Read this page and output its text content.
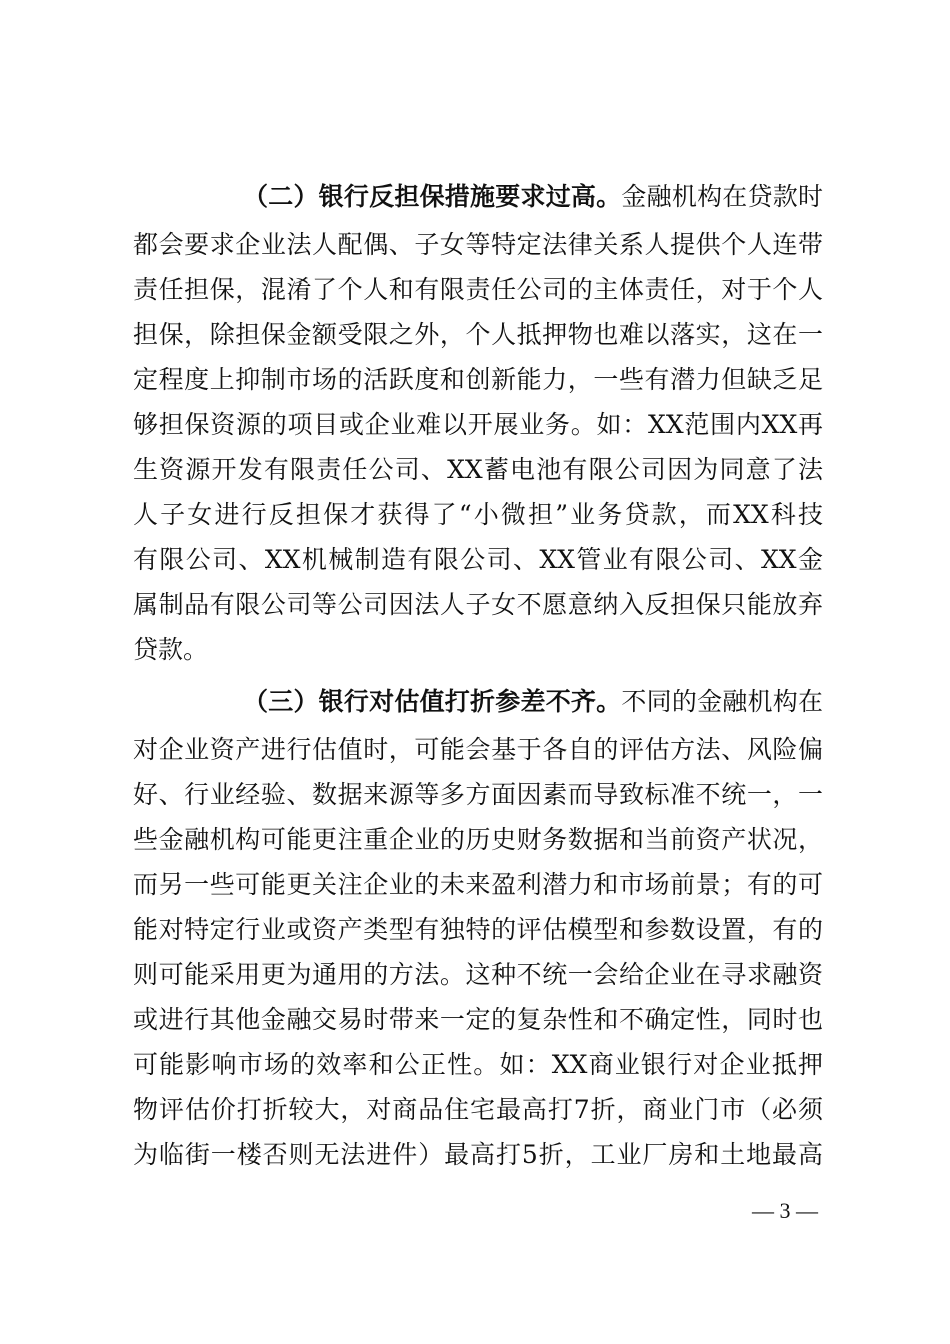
（二）银行反担保措施要求过高。金融机构在贷款时
都会要求企业法人配偶、子女等特定法律关系人提供个人连带
责任担保，混淆了个人和有限责任公司的主体责任，对于个人
担保，除担保金额受限之外，个人抵押物也难以落实，这在一
定程度上抑制市场的活跃度和创新能力，一些有潜力但缺乏足
够担保资源的项目或企业难以开展业务。如：XX范围内XX再
生资源开发有限责任公司、XX蓄电池有限公司因为同意了法
人子女进行反担保才获得了“小微担”业务贷款，而XX科技
有限公司、XX机械制造有限公司、XX管业有限公司、XX金
属制品有限公司等公司因法人子女不愿意纳入反担保只能放弃
贷款。
（三）银行对估值打折参差不齐。不同的金融机构在
对企业资产进行估值时，可能会基于各自的评估方法、风险偏
好、行业经验、数据来源等多方面因素而导致标准不统一，一
些金融机构可能更注重企业的历史财务数据和当前资产状况，
而另一些可能更关注企业的未来盈利潜力和市场前景；有的可
能对特定行业或资产类型有独特的评估模型和参数设置，有的
则可能采用更为通用的方法。这种不统一会给企业在寻求融资
或进行其他金融交易时带来一定的复杂性和不确定性，同时也
可能影响市场的效率和公正性。如：XX商业银行对企业抵押
物评估价打折较大，对商品住宅最高打7折，商业门市（必须
为临街一楼否则无法进件）最高打5折，工业厂房和土地最高
— 3 —
